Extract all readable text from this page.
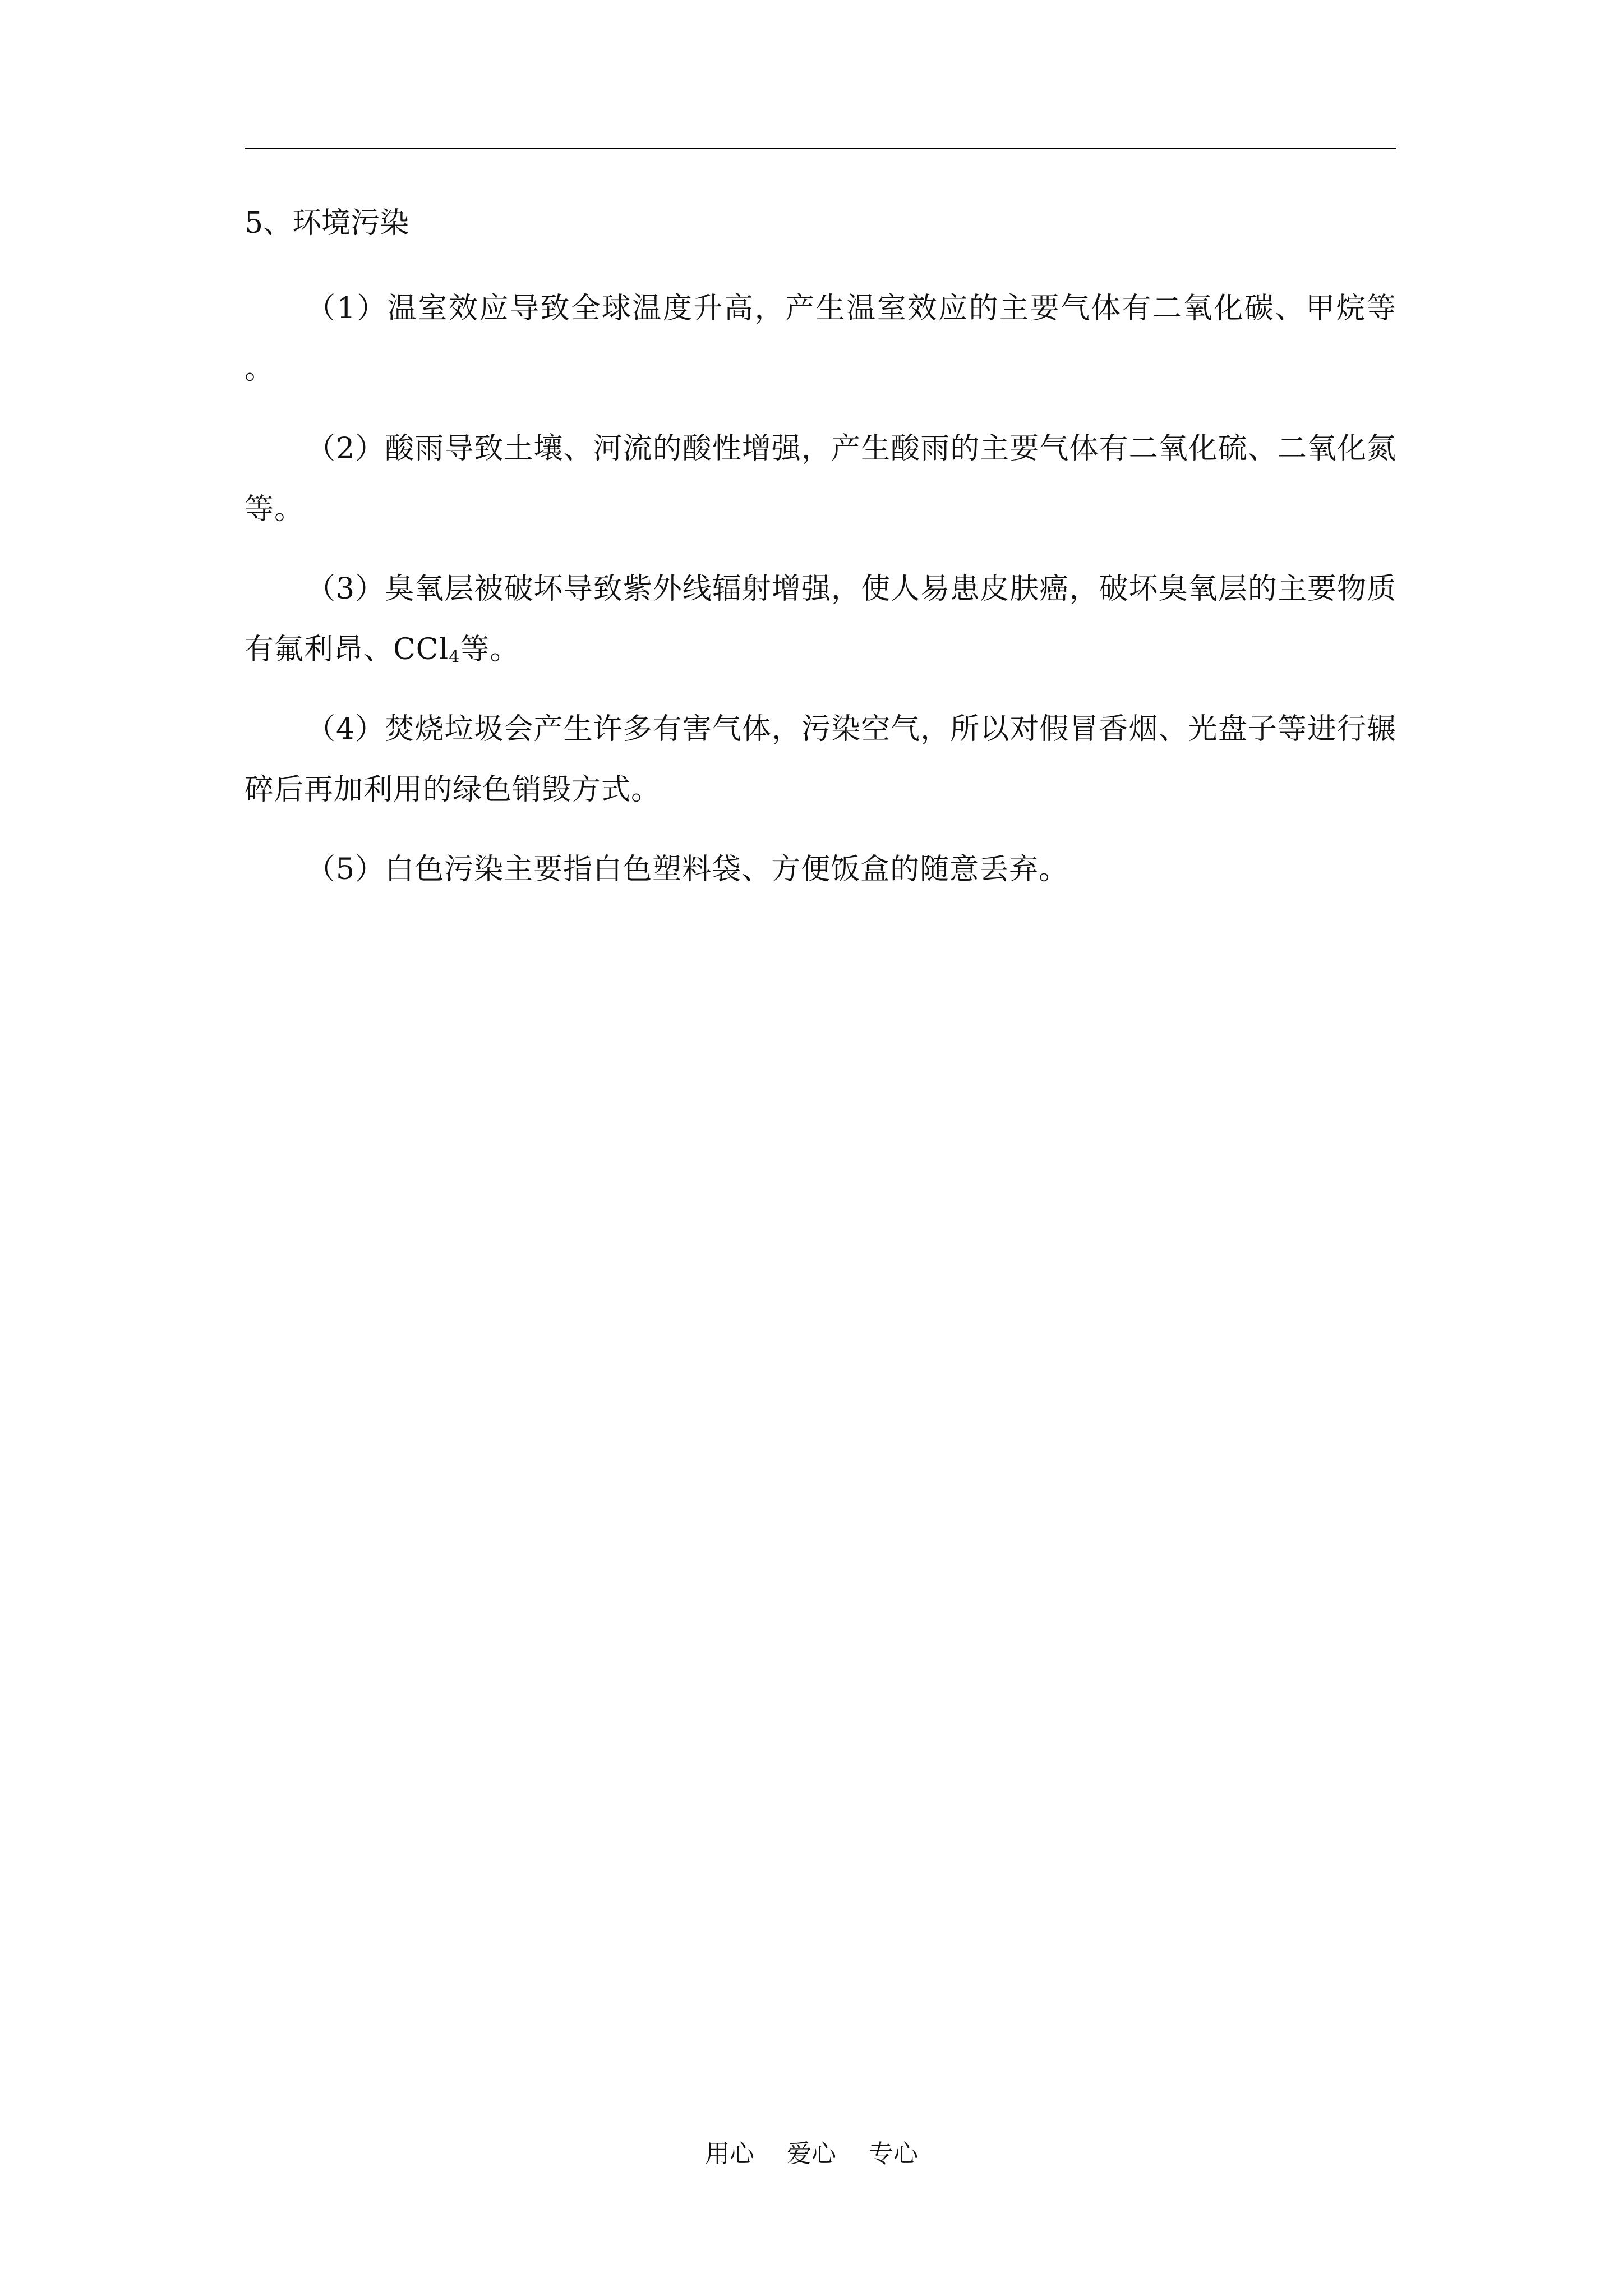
5、环境污染

（1）温室效应导致全球温度升高，产生温室效应的主要气体有二氧化碳、甲烷等 。

（2）酸雨导致土壤、河流的酸性增强，产生酸雨的主要气体有二氧化硫、二氧化氮等。

（3）臭氧层被破坏导致紫外线辐射增强，使人易患皮肤癌，破坏臭氧层的主要物质有氟利昂、CCl$_4$等。

（4）焚烧垃圾会产生许多有害气体，污染空气，所以对假冒香烟、光盘子等进行辗碎后再加利用的绿色销毁方式。

（5）白色污染主要指白色塑料袋、方便饭盒的随意丢弃。

用心 爱心 专心
